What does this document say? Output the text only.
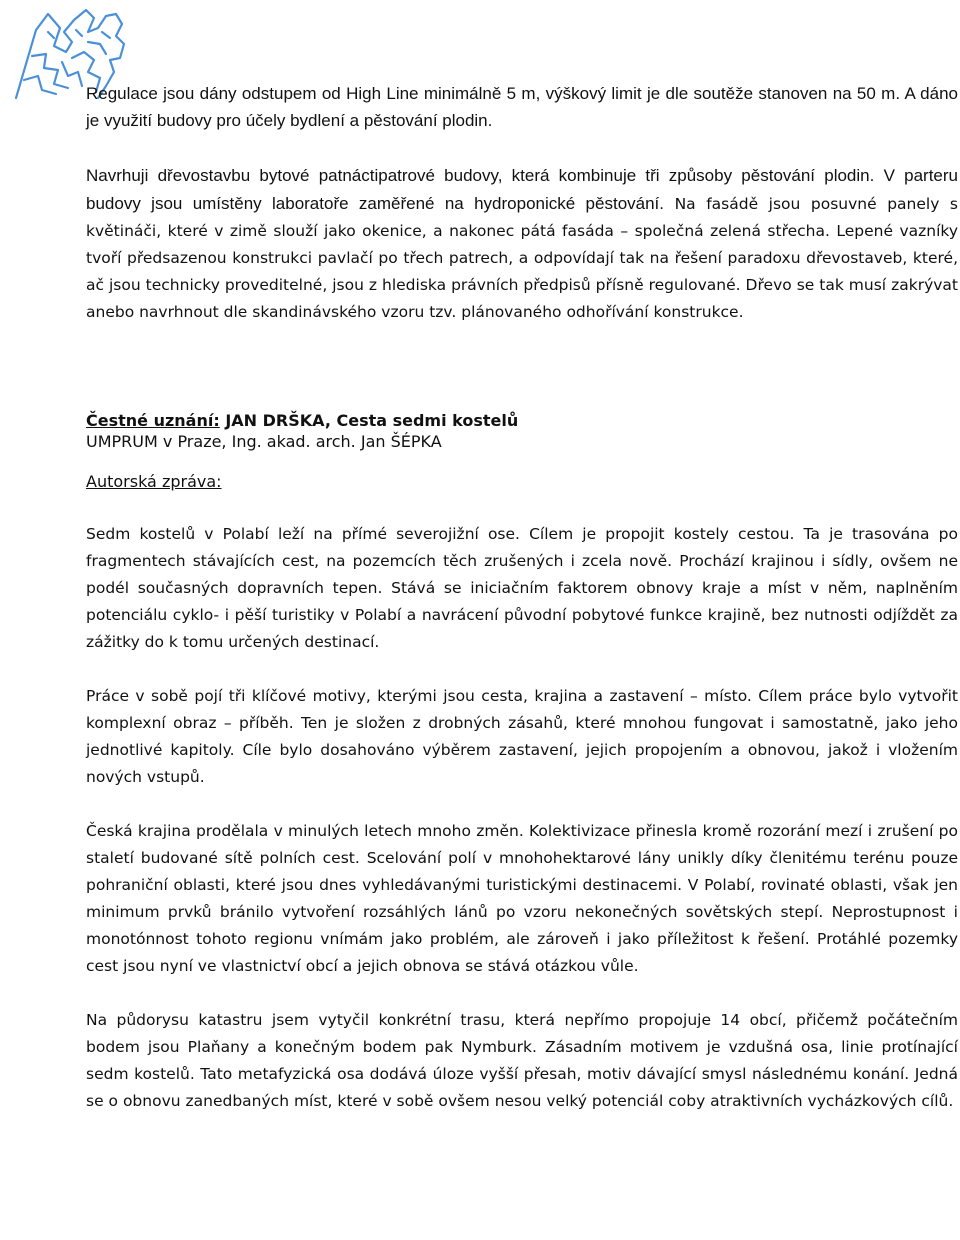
Regulace jsou dány odstupem od High Line minimálně 5 m, výškový limit je dle soutěže stanoven na 50 m. A dáno je využití budovy pro účely bydlení a pěstování plodin.

Navrhuji dřevostavbu bytové patnáctipatrové budovy, která kombinuje tři způsoby pěstování plodin. V parteru budovy jsou umístěny laboratoře zaměřené na hydroponické pěstování. Na fasádě jsou posuvné panely s květináči, které v zimě slouží jako okenice, a nakonec pátá fasáda – společná zelená střecha. Lepené vazníky tvoří předsazenou konstrukci pavlačí po třech patrech, a odpovídají tak na řešení paradoxu dřevostaveb, které, ač jsou technicky proveditelné, jsou z hlediska právních předpisů přísně regulované. Dřevo se tak musí zakrývat anebo navrhnout dle skandinávského vzoru tzv. plánovaného odhořívání konstrukce.

Čestné uznání: JAN DRŠKA, Cesta sedmi kostelů

UMPRUM v Praze, Ing. akad. arch. Jan ŠÉPKA

Autorská zpráva:

Sedm kostelů v Polabí leží na přímé severojižní ose. Cílem je propojit kostely cestou. Ta je trasována po fragmentech stávajících cest, na pozemcích těch zrušených i zcela nově. Prochází krajinou i sídly, ovšem ne podél současných dopravních tepen. Stává se iniciačním faktorem obnovy kraje a míst v něm, naplněním potenciálu cyklo- i pěší turistiky v Polabí a navrácení původní pobytové funkce krajině, bez nutnosti odjíždět za zážitky do k tomu určených destinací.

Práce v sobě pojí tři klíčové motivy, kterými jsou cesta, krajina a zastavení – místo. Cílem práce bylo vytvořit komplexní obraz – příběh. Ten je složen z drobných zásahů, které mnohou fungovat i samostatně, jako jeho jednotlivé kapitoly. Cíle bylo dosahováno výběrem zastavení, jejich propojením a obnovou, jakož i vložením nových vstupů.

Česká krajina prodělala v minulých letech mnoho změn. Kolektivizace přinesla kromě rozorání mezí i zrušení po staletí budované sítě polních cest. Scelování polí v mnohohektarové lány unikly díky členitému terénu pouze pohraniční oblasti, které jsou dnes vyhledávanými turistickými destinacemi. V Polabí, rovinaté oblasti, však jen minimum prvků bránilo vytvoření rozsáhlých lánů po vzoru nekonečných sovětských stepí. Neprostupnost i monotónnost tohoto regionu vnímám jako problém, ale zároveň i jako příležitost k řešení. Protáhlé pozemky cest jsou nyní ve vlastnictví obcí a jejich obnova se stává otázkou vůle.

Na půdorysu katastru jsem vytyčil konkrétní trasu, která nepřímo propojuje 14 obcí, přičemž počátečním bodem jsou Plaňany a konečným bodem pak Nymburk. Zásadním motivem je vzdušná osa, linie protínající sedm kostelů. Tato metafyzická osa dodává úloze vyšší přesah, motiv dávající smysl následnému konání. Jedná se o obnovu zanedbaných míst, které v sobě ovšem nesou velký potenciál coby atraktivních vycházkových cílů.
